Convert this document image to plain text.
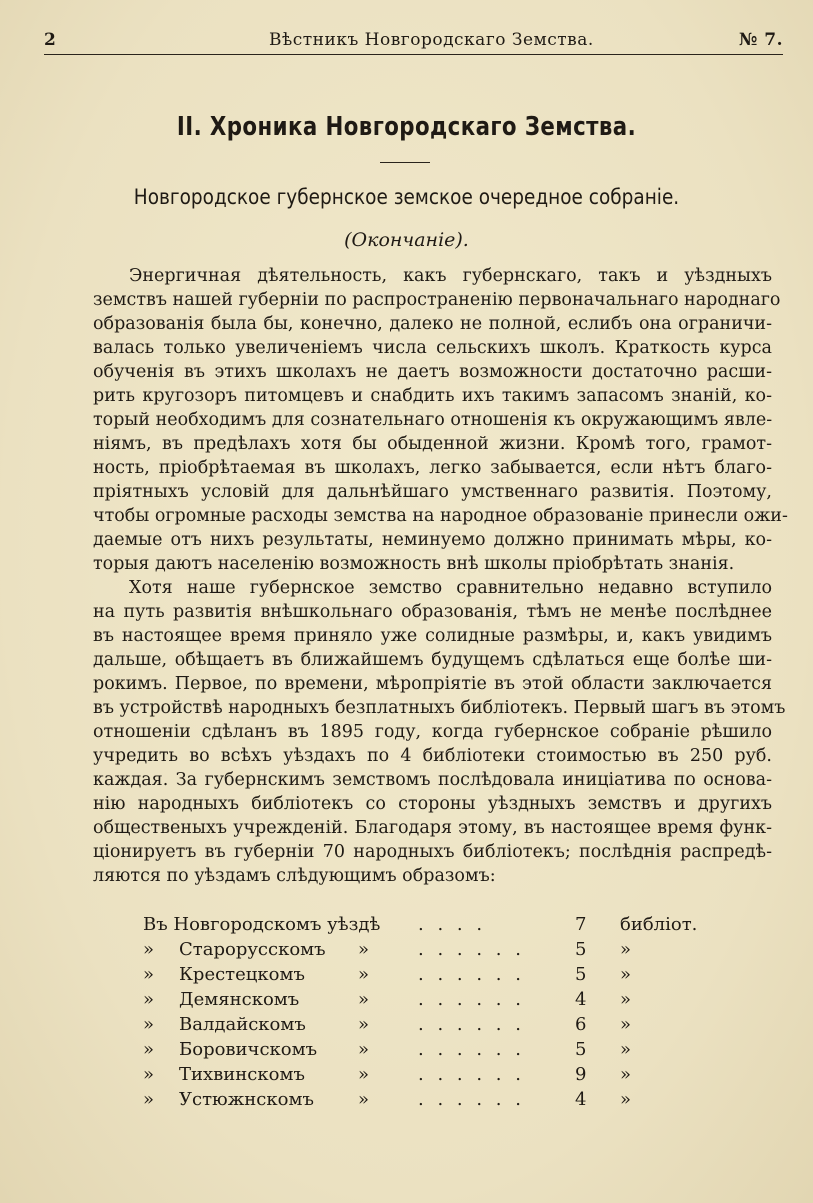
2	Вѣстникъ Новгородскаго Земства.	№ 7.
II. Хроника Новгородскаго Земства.
Новгородское губернское земское очередное собраніе.
(Окончаніе).

Энергичная дѣятельность, какъ губернскаго, такъ и уѣздныхъ
земствъ нашей губерніи по распространенію первоначальнаго народнаго
образованія была бы, конечно, далеко не полной, еслибъ она ограничи-
валась только увеличеніемъ числа сельскихъ школъ. Краткость курса
обученія въ этихъ школахъ не даетъ возможности достаточно расши-
рить кругозоръ питомцевъ и снабдить ихъ такимъ запасомъ знаній, ко-
торый необходимъ для сознательнаго отношенія къ окружающимъ явле-
ніямъ, въ предѣлахъ хотя бы обыденной жизни. Кромѣ того, грамот-
ность, пріобрѣтаемая въ школахъ, легко забывается, если нѣтъ благо-
пріятныхъ условій для дальнѣйшаго умственнаго развитія. Поэтому,
чтобы огромные расходы земства на народное образованіе принесли ожи-
даемые отъ нихъ результаты, неминуемо должно принимать мѣры, ко-
торыя даютъ населенію возможность внѣ школы пріобрѣтать знанія.

Хотя наше губернское земство сравнительно недавно вступило
на путь развитія внѣшкольнаго образованія, тѣмъ не менѣе послѣднее
въ настоящее время приняло уже солидные размѣры, и, какъ увидимъ
дальше, обѣщаетъ въ ближайшемъ будущемъ сдѣлаться еще болѣе ши-
рокимъ. Первое, по времени, мѣропріятіе въ этой области заключается
въ устройствѣ народныхъ безплатныхъ библіотекъ. Первый шагъ въ этомъ
отношеніи сдѣланъ въ 1895 году, когда губернское собраніе рѣшило
учредить во всѣхъ уѣздахъ по 4 библіотеки стоимостью въ 250 руб.
каждая. За губернскимъ земствомъ послѣдовала иниціатива по основа-
нію народныхъ библіотекъ со стороны уѣздныхъ земствъ и другихъ
общественыхъ учрежденій. Благодаря этому, въ настоящее время функ-
ціонируетъ въ губерніи 70 народныхъ библіотекъ; послѣднія распредѣ-
ляются по уѣздамъ слѣдующимъ образомъ:

Въ Новгородскомъ уѣздѣ . . . .	7 библіот.
» Старорусскомъ »	. . . . . .	5 »
» Крестецкомъ	»	. . . . . .	5 »
» Демянскомъ	»	. . . . . .	4 »
» Валдайскомъ	»	. . . . . .	6 »
» Боровичскомъ »	. . . . . .	5 »
» Тихвинскомъ	»	. . . . . .	9 »
» Устюжнскомъ »	. . . . . .	4 »
